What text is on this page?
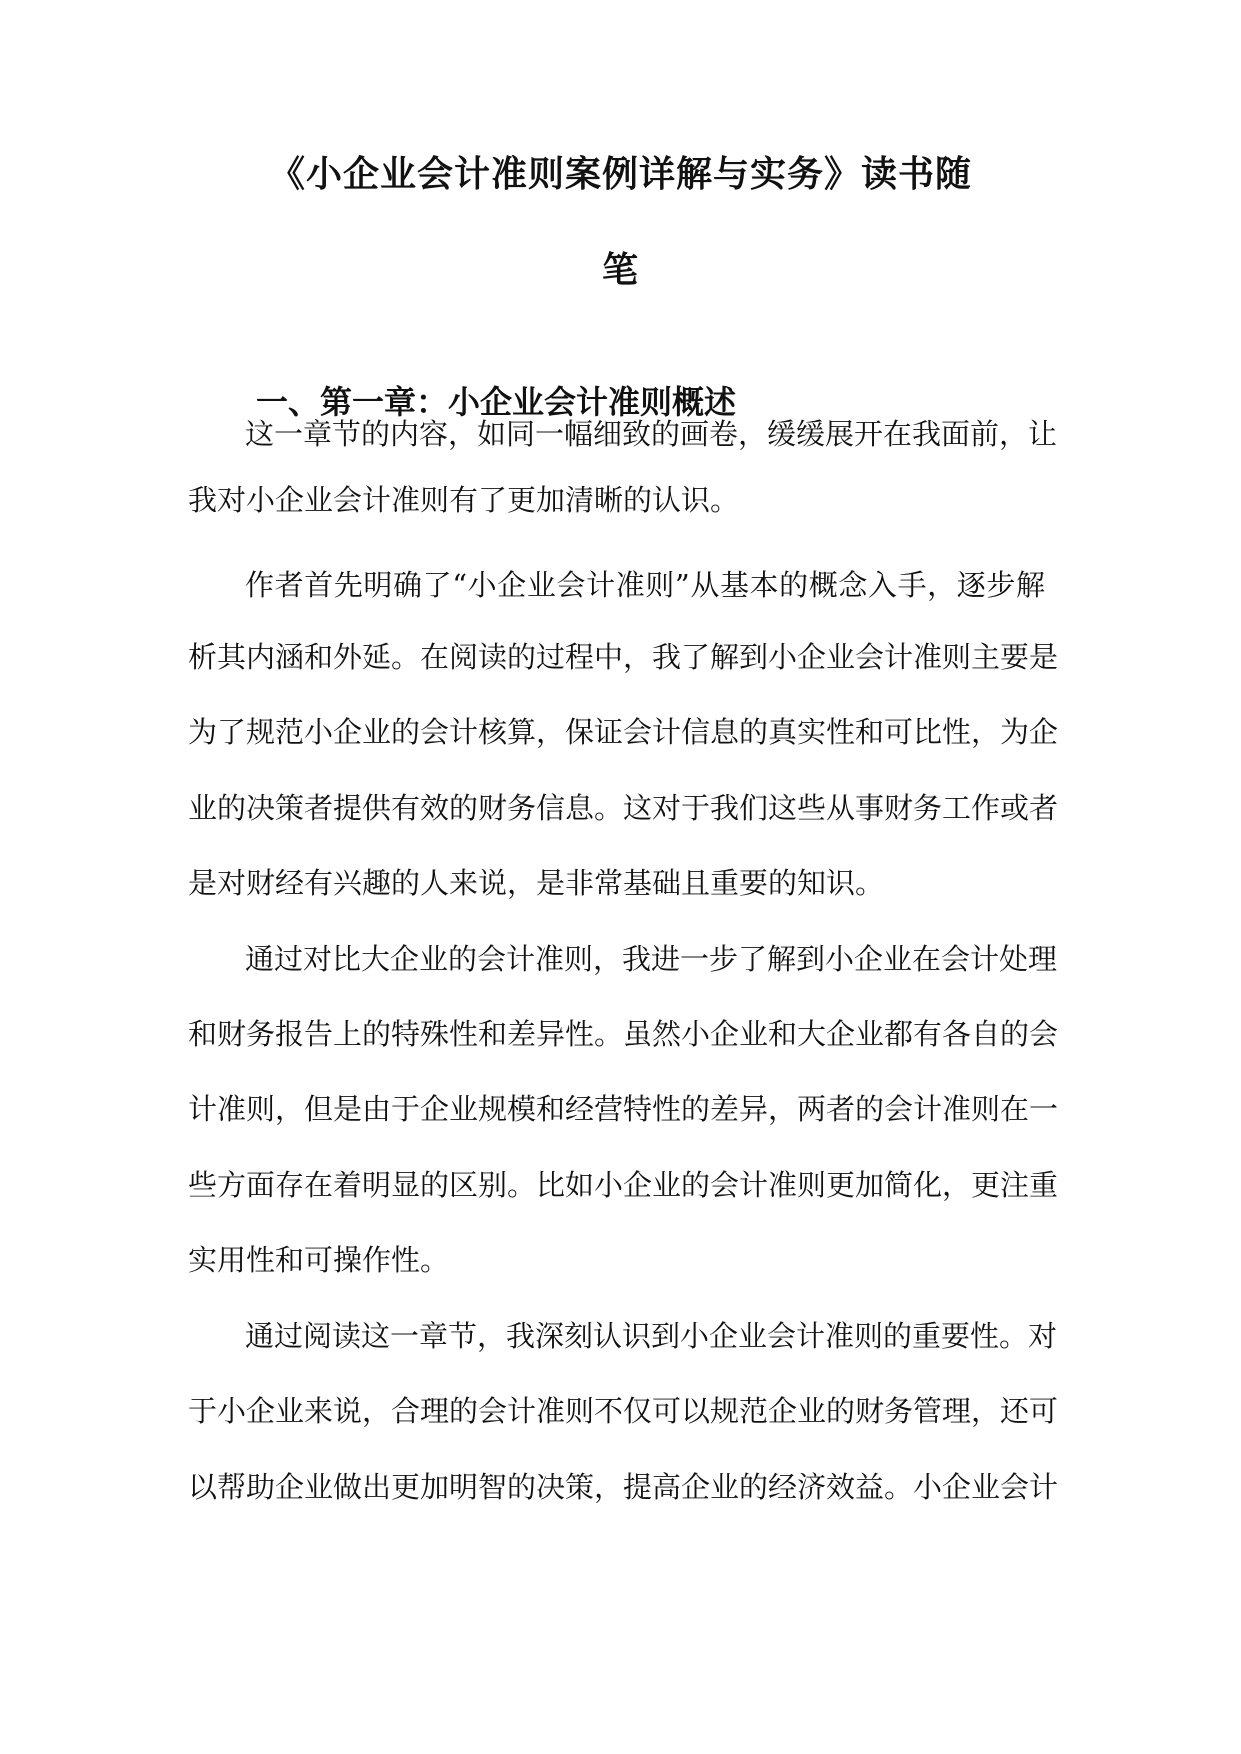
《小企业会计准则案例详解与实务》读书随
笔
一、第一章：小企业会计准则概述
这一章节的内容，如同一幅细致的画卷，缓缓展开在我面前，让
我对小企业会计准则有了更加清晰的认识。
作者首先明确了“小企业会计准则”从基本的概念入手，逐步解
析其内涵和外延。在阅读的过程中，我了解到小企业会计准则主要是
为了规范小企业的会计核算，保证会计信息的真实性和可比性，为企
业的决策者提供有效的财务信息。这对于我们这些从事财务工作或者
是对财经有兴趣的人来说，是非常基础且重要的知识。
通过对比大企业的会计准则，我进一步了解到小企业在会计处理
和财务报告上的特殊性和差异性。虽然小企业和大企业都有各自的会
计准则，但是由于企业规模和经营特性的差异，两者的会计准则在一
些方面存在着明显的区别。比如小企业的会计准则更加简化，更注重
实用性和可操作性。
通过阅读这一章节，我深刻认识到小企业会计准则的重要性。对
于小企业来说，合理的会计准则不仅可以规范企业的财务管理，还可
以帮助企业做出更加明智的决策，提高企业的经济效益。小企业会计
